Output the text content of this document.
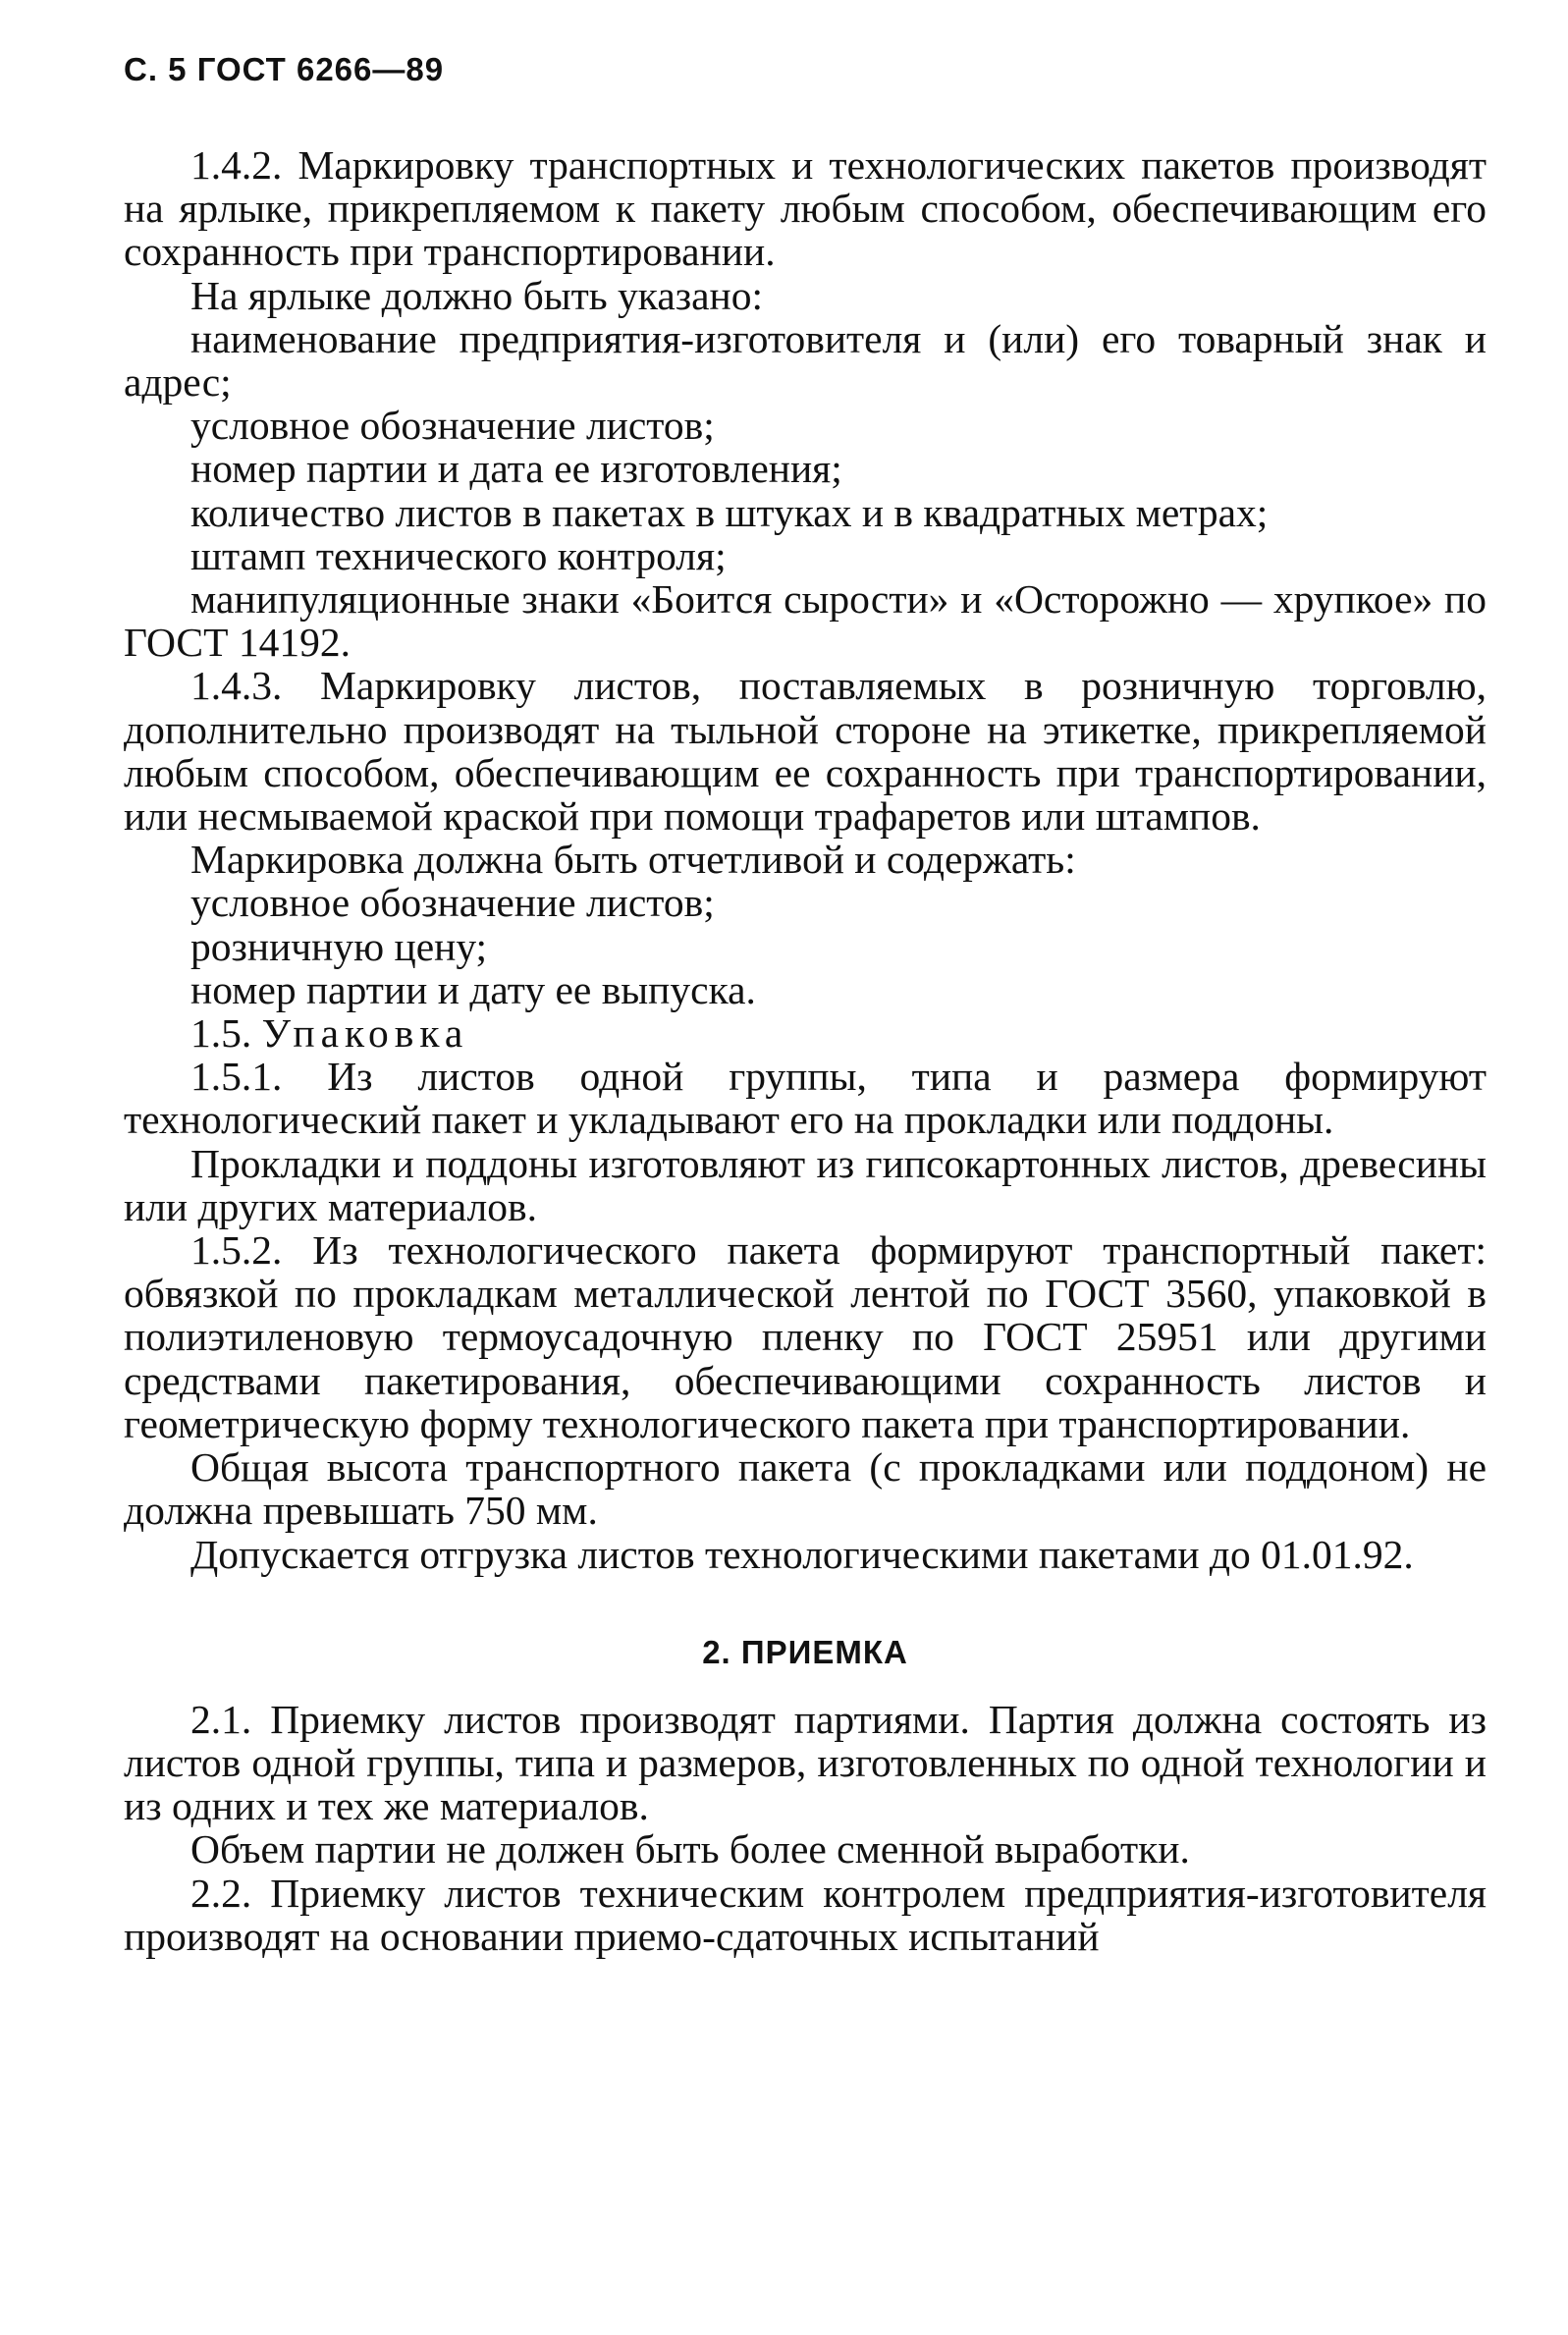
С. 5 ГОСТ 6266—89

1.4.2. Маркировку транспортных и технологических пакетов производят на ярлыке, прикрепляемом к пакету любым способом, обеспечивающим его сохранность при транспортировании.

На ярлыке должно быть указано:

наименование предприятия-изготовителя и (или) его товарный знак и адрес;

условное обозначение листов;

номер партии и дата ее изготовления;

количество листов в пакетах в штуках и в квадратных метрах;

штамп технического контроля;

манипуляционные знаки «Боится сырости» и «Осторожно — хрупкое» по ГОСТ 14192.

1.4.3. Маркировку листов, поставляемых в розничную торговлю, дополнительно производят на тыльной стороне на этикетке, прикрепляемой любым способом, обеспечивающим ее сохранность при транспортировании, или несмываемой краской при помощи трафаретов или штампов.

Маркировка должна быть отчетливой и содержать:

условное обозначение листов;

розничную цену;

номер партии и дату ее выпуска.

1.5. Упаковка

1.5.1. Из листов одной группы, типа и размера формируют технологический пакет и укладывают его на прокладки или поддоны.

Прокладки и поддоны изготовляют из гипсокартонных листов, древесины или других материалов.

1.5.2. Из технологического пакета формируют транспортный пакет: обвязкой по прокладкам металлической лентой по ГОСТ 3560, упаковкой в полиэтиленовую термоусадочную пленку по ГОСТ 25951 или другими средствами пакетирования, обеспечивающими сохранность листов и геометрическую форму технологического пакета при транспортировании.

Общая высота транспортного пакета (с прокладками или поддоном) не должна превышать 750 мм.

Допускается отгрузка листов технологическими пакетами до 01.01.92.

2. ПРИЕМКА

2.1. Приемку листов производят партиями. Партия должна состоять из листов одной группы, типа и размеров, изготовленных по одной технологии и из одних и тех же материалов.

Объем партии не должен быть более сменной выработки.

2.2. Приемку листов техническим контролем предприятия-изготовителя производят на основании приемо-сдаточных испытаний
